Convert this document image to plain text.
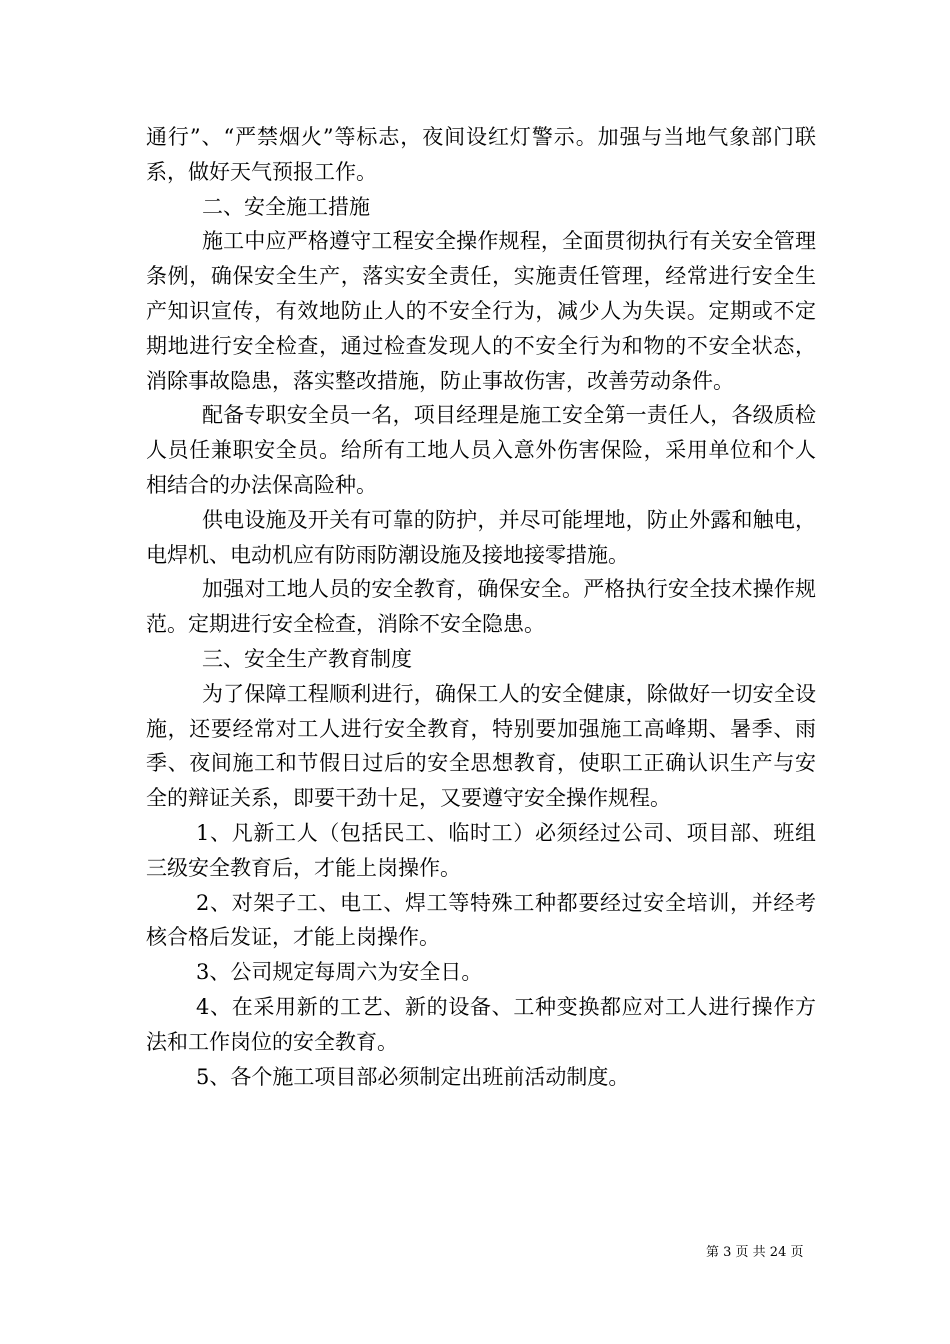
通行”、“严禁烟火”等标志，夜间设红灯警示。加强与当地气象部门联系，做好天气预报工作。

二、安全施工措施

施工中应严格遵守工程安全操作规程，全面贯彻执行有关安全管理条例，确保安全生产，落实安全责任，实施责任管理，经常进行安全生产知识宣传，有效地防止人的不安全行为，减少人为失误。定期或不定期地进行安全检查，通过检查发现人的不安全行为和物的不安全状态，消除事故隐患，落实整改措施，防止事故伤害，改善劳动条件。

配备专职安全员一名，项目经理是施工安全第一责任人，各级质检人员任兼职安全员。给所有工地人员入意外伤害保险，采用单位和个人相结合的办法保高险种。

供电设施及开关有可靠的防护，并尽可能埋地，防止外露和触电，电焊机、电动机应有防雨防潮设施及接地接零措施。

加强对工地人员的安全教育，确保安全。严格执行安全技术操作规范。定期进行安全检查，消除不安全隐患。

三、安全生产教育制度

为了保障工程顺利进行，确保工人的安全健康，除做好一切安全设施，还要经常对工人进行安全教育，特别要加强施工高峰期、暑季、雨季、夜间施工和节假日过后的安全思想教育，使职工正确认识生产与安全的辩证关系，即要干劲十足，又要遵守安全操作规程。

1、凡新工人（包括民工、临时工）必须经过公司、项目部、班组三级安全教育后，才能上岗操作。

2、对架子工、电工、焊工等特殊工种都要经过安全培训，并经考核合格后发证，才能上岗操作。

3、公司规定每周六为安全日。

4、在采用新的工艺、新的设备、工种变换都应对工人进行操作方法和工作岗位的安全教育。

5、各个施工项目部必须制定出班前活动制度。

第 3 页 共 24 页
